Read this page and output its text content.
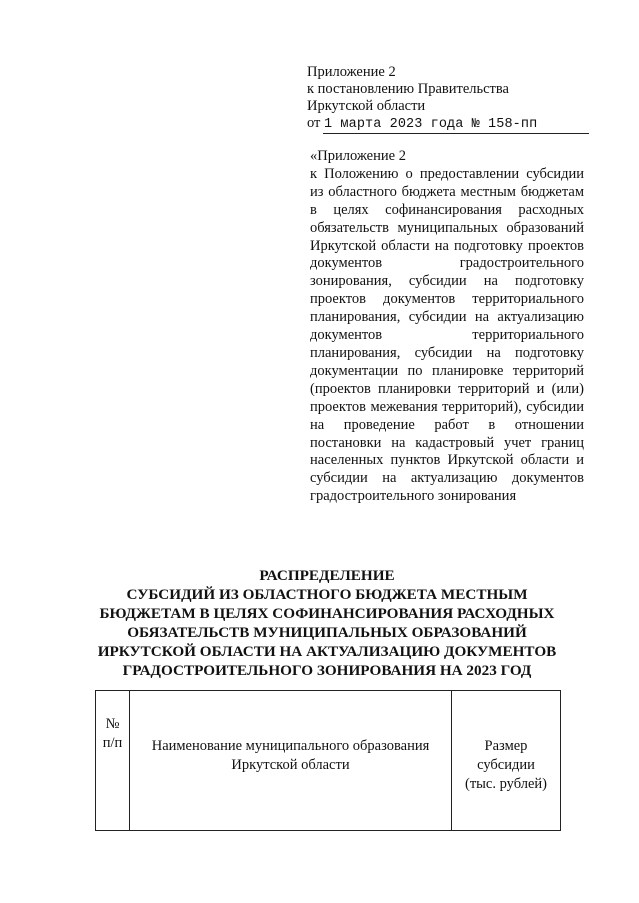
Приложение 2
к постановлению Правительства
Иркутской области
от 1 марта 2023 года № 158-пп
«Приложение 2
к Положению о предоставлении субсидии из областного бюджета местным бюджетам в целях софинансирования расходных обязательств муниципальных образований Иркутской области на подготовку проектов документов градостроительного зонирования, субсидии на подготовку проектов документов территориального планирования, субсидии на актуализацию документов территориального планирования, субсидии на подготовку документации по планировке территорий (проектов планировки территорий и (или) проектов межевания территорий), субсидии на проведение работ в отношении постановки на кадастровый учет границ населенных пунктов Иркутской области и субсидии на актуализацию документов градостроительного зонирования
РАСПРЕДЕЛЕНИЕ
СУБСИДИЙ ИЗ ОБЛАСТНОГО БЮДЖЕТА МЕСТНЫМ
БЮДЖЕТАМ В ЦЕЛЯХ СОФИНАНСИРОВАНИЯ РАСХОДНЫХ
ОБЯЗАТЕЛЬСТВ МУНИЦИПАЛЬНЫХ ОБРАЗОВАНИЙ
ИРКУТСКОЙ ОБЛАСТИ НА АКТУАЛИЗАЦИЮ ДОКУМЕНТОВ
ГРАДОСТРОИТЕЛЬНОГО ЗОНИРОВАНИЯ НА 2023 ГОД
№
п/п	Наименование муниципального образования
Иркутской области
Размер
субсидии
(тыс. рублей)
